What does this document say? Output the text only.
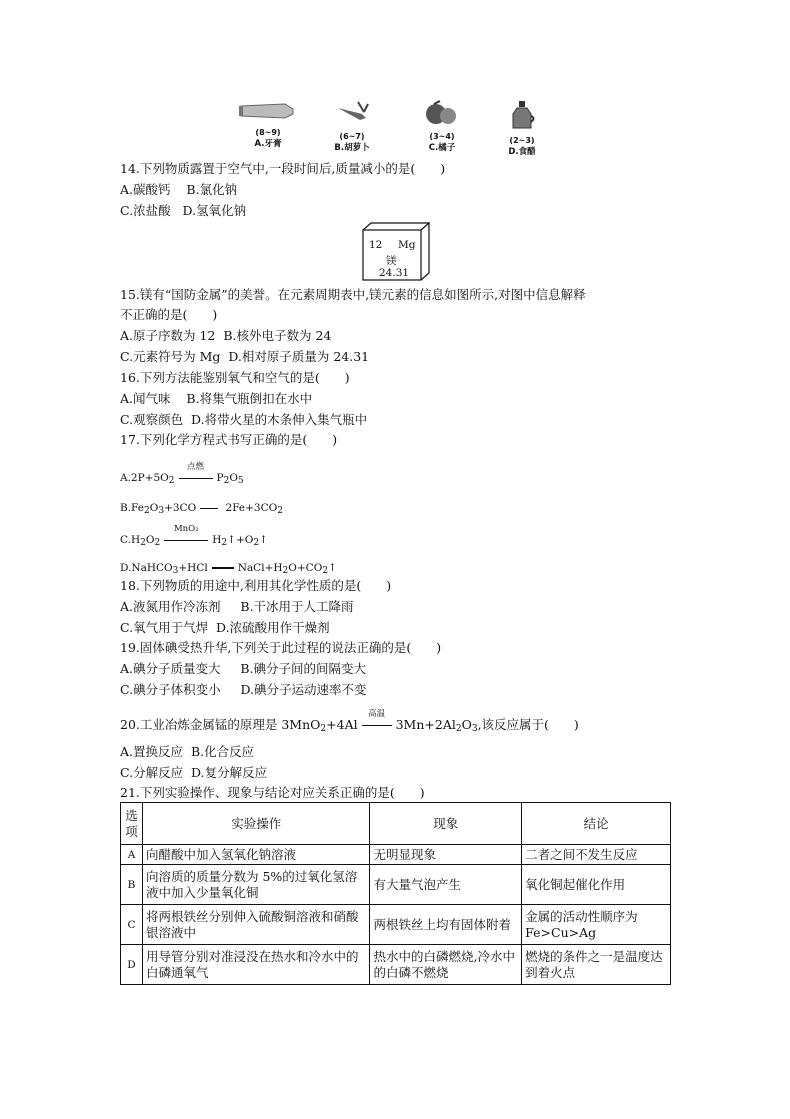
(8~9)
A.牙膏
(6~7)
B.胡萝卜
(3~4)
C.橘子
(2~3)
D.食醋
14.下列物质露置于空气中,一段时间后,质量减小的是(　　)
A.碳酸钙 B.氯化钠
C.浓盐酸 D.氢氧化钠
12 Mg
镁
24.31
15.镁有“国防金属”的美誉。在元素周期表中,镁元素的信息如图所示,对图中信息解释
不正确的是(　　)
A.原子序数为 12 B.核外电子数为 24
C.元素符号为 Mg D.相对原子质量为 24.31
16.下列方法能鉴别氧气和空气的是(　　)
A.闻气味 B.将集气瓶倒扣在水中
C.观察颜色 D.将带火星的木条伸入集气瓶中
17.下列化学方程式书写正确的是(　　)
A.2P+5O2
点燃
P2O5
B.Fe2O3+3CO 2Fe+3CO2
C.H2O2
MnO₂
H2↑+O2↑
D.NaHCO3+HCl	NaCl+H2O+CO2↑
18.下列物质的用途中,利用其化学性质的是(　　)
A.液氮用作冷冻剂 B.干冰用于人工降雨
C.氧气用于气焊 D.浓硫酸用作干燥剂
19.固体碘受热升华,下列关于此过程的说法正确的是(　　)
A.碘分子质量变大 B.碘分子间的间隔变大
C.碘分子体积变小 D.碘分子运动速率不变
20.工业冶炼金属锰的原理是 3MnO$_2$+4Al
高温
$3Mn+2Al_2O_3$,该反应属于(　　)
A.置换反应 B.化合反应
C.分解反应 D.复分解反应
21.下列实验操作、现象与结论对应关系正确的是(　　)
选项	实验操作	现象	结论
A	向醋酸中加入氢氧化钠溶液	无明显现象	二者之间不发生反应
B	向溶质的质量分数为 5%的过氧化氢溶液中加入少量氧化铜	有大量气泡产生	氧化铜起催化作用
C	将两根铁丝分别伸入硫酸铜溶液和硝酸银溶液中	两根铁丝上均有固体附着	金属的活动性顺序为 Fe>Cu>Ag
D	用导管分别对准浸没在热水和冷水中的白磷通氧气	热水中的白磷燃烧,冷水中的白磷不燃烧	燃烧的条件之一是温度达到着火点
